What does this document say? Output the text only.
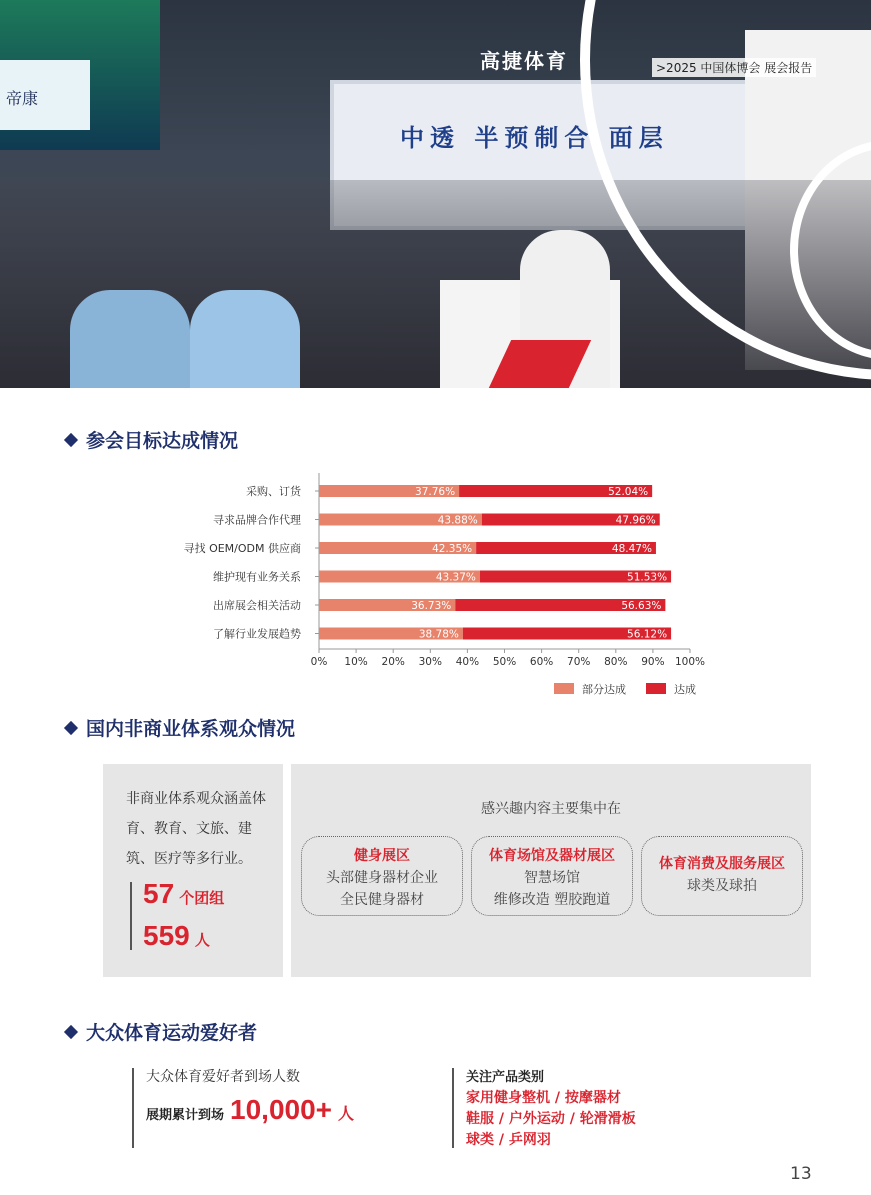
帝康
中透 半预制合 面层
高捷体育	>2025 中国体博会 展会报告
参会目标达成情况
采购、订货	37.76%	52.04%
寻求品牌合作代理	43.88%	47.96%
寻找 OEM/ODM 供应商	42.35%	48.47%
维护现有业务关系	43.37%	51.53%
出席展会相关活动	36.73%	56.63%
了解行业发展趋势	38.78%	56.12%
0% 10% 20% 30% 40% 50% 60% 70% 80% 90% 100%
部分达成	达成
国内非商业体系观众情况
非商业体系观众涵盖体育、教育、文旅、建筑、医疗等多行业。
57 个团组
559 人
感兴趣内容主要集中在
健身展区
头部健身器材企业
全民健身器材
体育场馆及器材展区
智慧场馆
维修改造 塑胶跑道
体育消费及服务展区
球类及球拍
大众体育运动爱好者
大众体育爱好者到场人数
展期累计到场 10,000+ 人
关注产品类别
家用健身整机 / 按摩器材
鞋服 / 户外运动 / 轮滑滑板
球类 / 乒网羽
13
